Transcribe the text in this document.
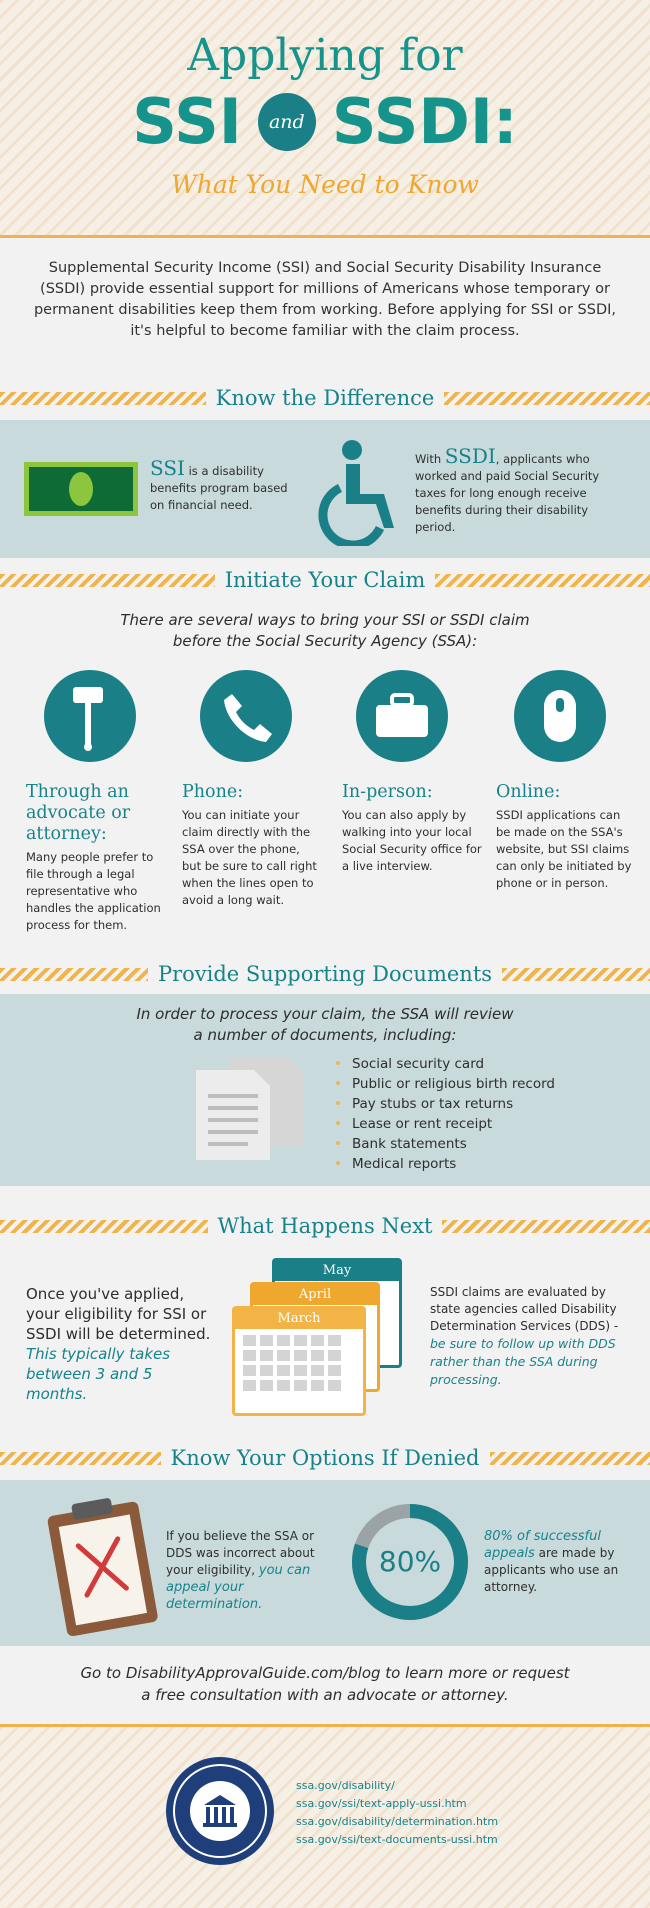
Applying for
SSI	and SSDI:
What You Need to Know
Supplemental Security Income (SSI) and Social Security Disability Insurance (SSDI) provide essential support for millions of Americans whose temporary or permanent disabilities keep them from working. Before applying for SSI or SSDI, it's helpful to become familiar with the claim process.
Know the Difference
SSI is a disability benefits program based on financial need.
With SSDI, applicants who worked and paid Social Security taxes for long enough receive benefits during their disability period.
Initiate Your Claim
There are several ways to bring your SSI or SSDI claim
before the Social Security Agency (SSA):
Through an advocate or attorney:
Many people prefer to file through a legal representative who handles the application process for them.
Phone:
You can initiate your claim directly with the SSA over the phone, but be sure to call right when the lines open to avoid a long wait.
In-person:
You can also apply by walking into your local Social Security office for a live interview.
Online:
SSDI applications can be made on the SSA's website, but SSI claims can only be initiated by phone or in person.
Provide Supporting Documents
In order to process your claim, the SSA will review
a number of documents, including:
• Social security card
• Public or religious birth record
• Pay stubs or tax returns
• Lease or rent receipt
• Bank statements
• Medical reports
What Happens Next
Once you've applied, your eligibility for SSI or SSDI will be determined. This typically takes between 3 and 5 months.
May
April
March
SSDI claims are evaluated by state agencies called Disability Determination Services (DDS) - be sure to follow up with DDS rather than the SSA during processing.
Know Your Options If Denied
If you believe the SSA or DDS was incorrect about your eligibility, you can appeal your determination.
80%
80% of successful appeals are made by applicants who use an attorney.
Go to DisabilityApprovalGuide.com/blog to learn more or request
a free consultation with an advocate or attorney.
ssa.gov/disability/
ssa.gov/ssi/text-apply-ussi.htm
ssa.gov/disability/determination.htm
ssa.gov/ssi/text-documents-ussi.htm
